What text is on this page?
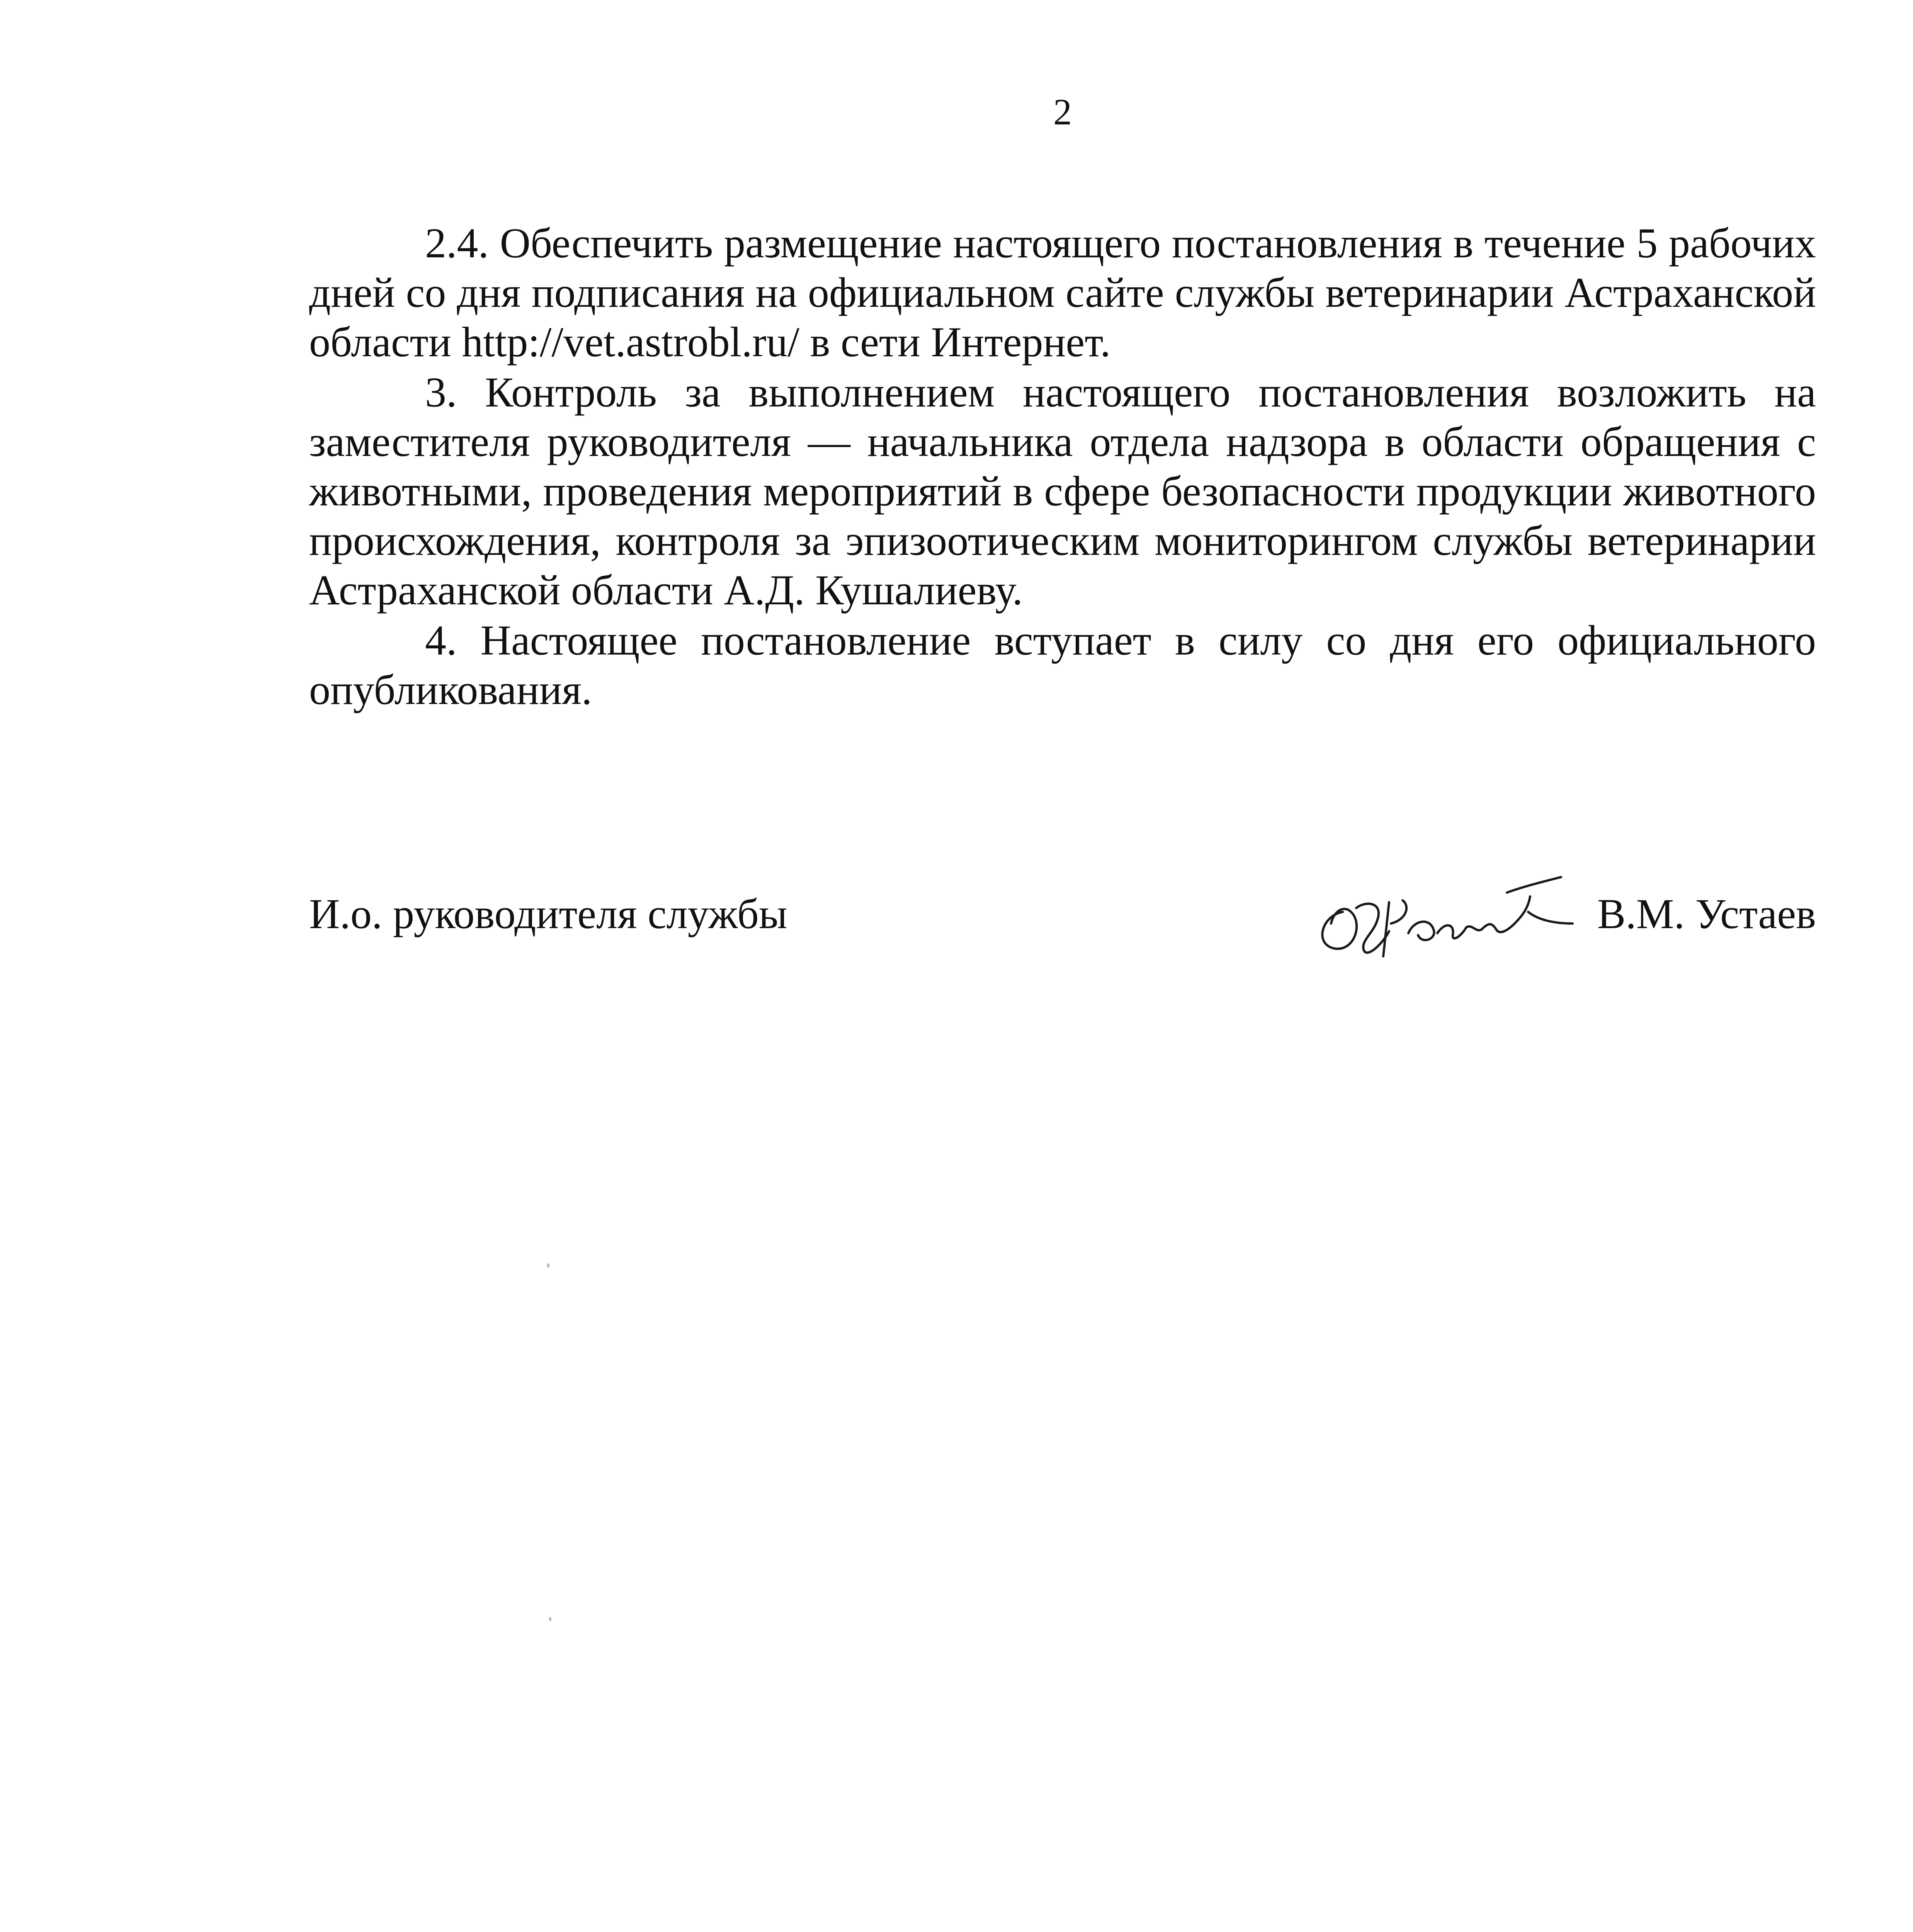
2

2.4. Обеспечить размещение настоящего постановления в течение 5 рабочих дней со дня подписания на официальном сайте службы ветеринарии Астраханской области http://vet.astrobl.ru/ в сети Интернет.

3. Контроль за выполнением настоящего постановления возложить на заместителя руководителя — начальника отдела надзора в области обращения с животными, проведения мероприятий в сфере безопасности продукции животного происхождения, контроля за эпизоотическим мониторингом службы ветеринарии Астраханской области А.Д. Кушалиеву.

4. Настоящее постановление вступает в силу со дня его официального опубликования.

И.о. руководителя службы	В.М. Устаев
